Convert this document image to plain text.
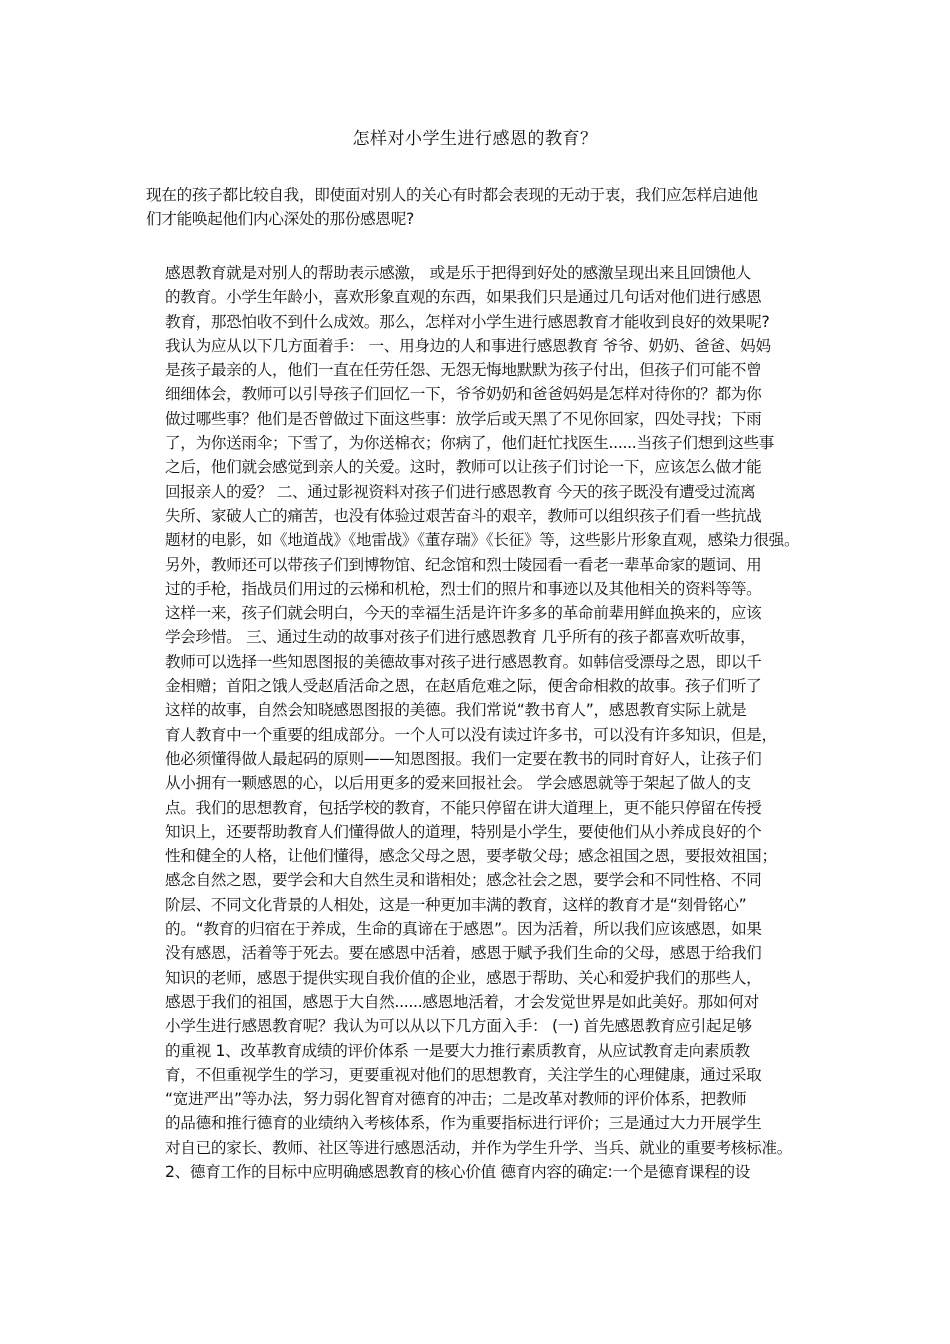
怎样对小学生进行感恩的教育？
现在的孩子都比较自我，即使面对别人的关心有时都会表现的无动于衷，我们应怎样启迪他
们才能唤起他们内心深处的那份感恩呢?
感恩教育就是对别人的帮助表示感激， 或是乐于把得到好处的感激呈现出来且回馈他人
的教育。小学生年龄小，喜欢形象直观的东西，如果我们只是通过几句话对他们进行感恩
教育，那恐怕收不到什么成效。那么，怎样对小学生进行感恩教育才能收到良好的效果呢?
我认为应从以下几方面着手： 一、用身边的人和事进行感恩教育 爷爷、奶奶、爸爸、妈妈
是孩子最亲的人，他们一直在任劳任怨、无怨无悔地默默为孩子付出，但孩子们可能不曾
细细体会，教师可以引导孩子们回忆一下，爷爷奶奶和爸爸妈妈是怎样对待你的？都为你
做过哪些事？他们是否曾做过下面这些事：放学后或天黑了不见你回家，四处寻找；下雨
了，为你送雨伞；下雪了，为你送棉衣；你病了，他们赶忙找医生......当孩子们想到这些事
之后，他们就会感觉到亲人的关爱。这时，教师可以让孩子们讨论一下，应该怎么做才能
回报亲人的爱？ 二、通过影视资料对孩子们进行感恩教育 今天的孩子既没有遭受过流离
失所、家破人亡的痛苦，也没有体验过艰苦奋斗的艰辛，教师可以组织孩子们看一些抗战
题材的电影，如《地道战》《地雷战》《董存瑞》《长征》等，这些影片形象直观，感染力很强。
另外，教师还可以带孩子们到博物馆、纪念馆和烈士陵园看一看老一辈革命家的题词、用
过的手枪，指战员们用过的云梯和机枪，烈士们的照片和事迹以及其他相关的资料等等。
这样一来，孩子们就会明白，今天的幸福生活是许许多多的革命前辈用鲜血换来的，应该
学会珍惜。 三、通过生动的故事对孩子们进行感恩教育 几乎所有的孩子都喜欢听故事，
教师可以选择一些知恩图报的美德故事对孩子进行感恩教育。如韩信受漂母之恩，即以千
金相赠；首阳之饿人受赵盾活命之恩，在赵盾危难之际，便舍命相救的故事。孩子们听了
这样的故事，自然会知晓感恩图报的美德。我们常说“教书育人”，感恩教育实际上就是
育人教育中一个重要的组成部分。一个人可以没有读过许多书，可以没有许多知识，但是，
他必须懂得做人最起码的原则——知恩图报。我们一定要在教书的同时育好人，让孩子们
从小拥有一颗感恩的心，以后用更多的爱来回报社会。 学会感恩就等于架起了做人的支
点。我们的思想教育，包括学校的教育，不能只停留在讲大道理上，更不能只停留在传授
知识上，还要帮助教育人们懂得做人的道理，特别是小学生，要使他们从小养成良好的个
性和健全的人格，让他们懂得，感念父母之恩，要孝敬父母；感念祖国之恩，要报效祖国；
感念自然之恩，要学会和大自然生灵和谐相处；感念社会之恩，要学会和不同性格、不同
阶层、不同文化背景的人相处，这是一种更加丰满的教育，这样的教育才是“刻骨铭心”
的。“教育的归宿在于养成，生命的真谛在于感恩”。因为活着，所以我们应该感恩，如果
没有感恩，活着等于死去。要在感恩中活着，感恩于赋予我们生命的父母，感恩于给我们
知识的老师，感恩于提供实现自我价值的企业，感恩于帮助、关心和爱护我们的那些人，
感恩于我们的祖国，感恩于大自然......感恩地活着，才会发觉世界是如此美好。那如何对
小学生进行感恩教育呢？我认为可以从以下几方面入手： (一) 首先感恩教育应引起足够
的重视 1、改革教育成绩的评价体系 一是要大力推行素质教育，从应试教育走向素质教
育，不但重视学生的学习，更要重视对他们的思想教育，关注学生的心理健康，通过采取
“宽进严出”等办法，努力弱化智育对德育的冲击；二是改革对教师的评价体系，把教师
的品德和推行德育的业绩纳入考核体系，作为重要指标进行评价；三是通过大力开展学生
对自已的家长、教师、社区等进行感恩活动，并作为学生升学、当兵、就业的重要考核标准。
2、德育工作的目标中应明确感恩教育的核心价值 德育内容的确定:一个是德育课程的设
